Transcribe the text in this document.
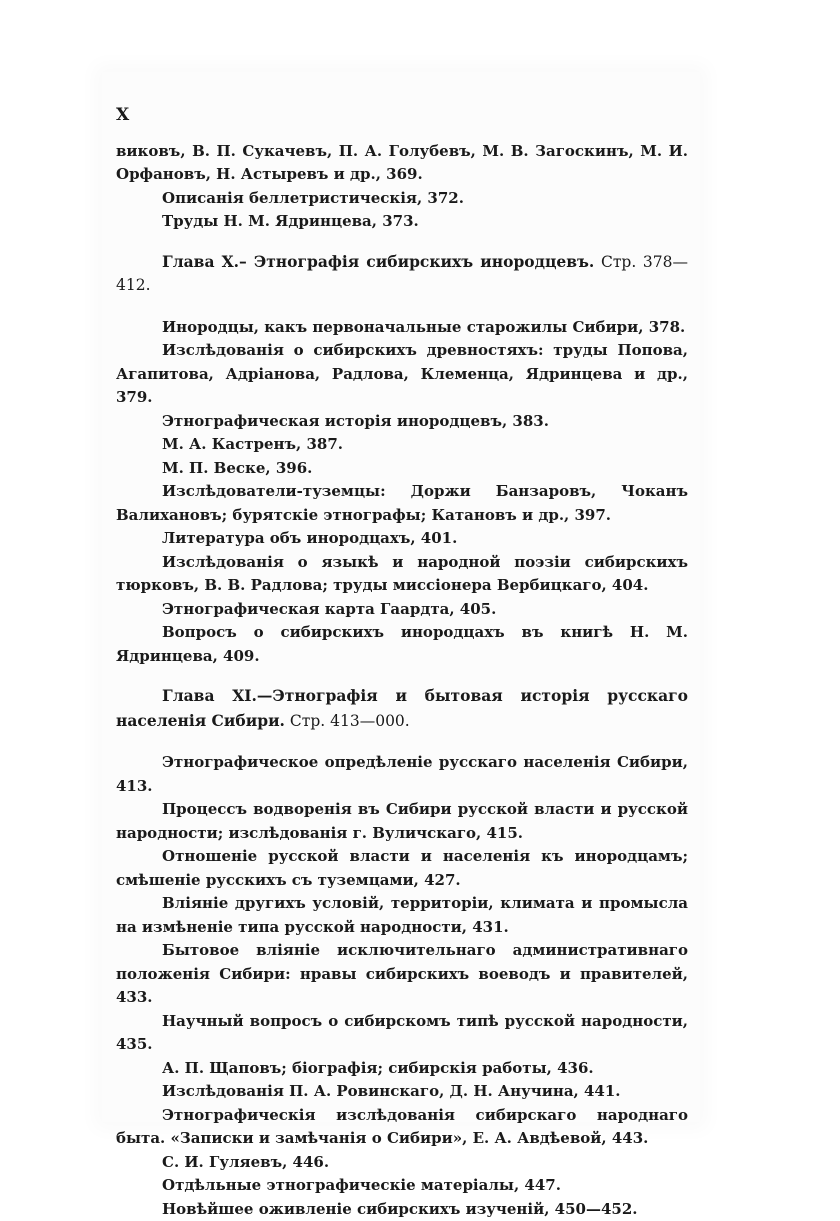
X

виковъ, В. П. Сукачевъ, П. А. Голубевъ, М. В. Загоскинъ, М. И. Орфановъ, Н. Астыревъ и др., 369.

Описанія беллетристическія, 372.

Труды Н. М. Ядринцева, 373.

Глава X.– Этнографія сибирскихъ инородцевъ. Стр. 378—412.

Инородцы, какъ первоначальные старожилы Сибири, 378.

Изслѣдованія о сибирскихъ древностяхъ: труды Попова, Агапитова, Адріанова, Радлова, Клеменца, Ядринцева и др., 379.

Этнографическая исторія инородцевъ, 383.

М. А. Кастренъ, 387.

М. П. Веске, 396.

Изслѣдователи-туземцы: Доржи Банзаровъ, Чоканъ Валихановъ; бурятскіе этнографы; Катановъ и др., 397.

Литература объ инородцахъ, 401.

Изслѣдованія о языкѣ и народной поэзіи сибирскихъ тюрковъ, В. В. Радлова; труды миссіонера Вербицкаго, 404.

Этнографическая карта Гаардта, 405.

Вопросъ о сибирскихъ инородцахъ въ книгѣ Н. М. Ядринцева, 409.

Глава XI.—Этнографія и бытовая исторія русскаго населенія Сибири. Стр. 413—000.

Этнографическое опредѣленіе русскаго населенія Сибири, 413.

Процессъ водворенія въ Сибири русской власти и русской народности; изслѣдованія г. Вуличскаго, 415.

Отношеніе русской власти и населенія къ инородцамъ; смѣшеніе русскихъ съ туземцами, 427.

Вліяніе другихъ условій, территоріи, климата и промысла на измѣненіе типа русской народности, 431.

Бытовое вліяніе исключительнаго административнаго положенія Сибири: нравы сибирскихъ воеводъ и правителей, 433.

Научный вопросъ о сибирскомъ типѣ русской народности, 435.

А. П. Щаповъ; біографія; сибирскія работы, 436.

Изслѣдованія П. А. Ровинскаго, Д. Н. Анучина, 441.

Этнографическія изслѣдованія сибирскаго народнаго быта. «Записки и замѣчанія о Сибири», Е. А. Авдѣевой, 443.

С. И. Гуляевъ, 446.

Отдѣльные этнографическіе матеріалы, 447.

Новѣйшее оживленіе сибирскихъ изученій, 450—452.
